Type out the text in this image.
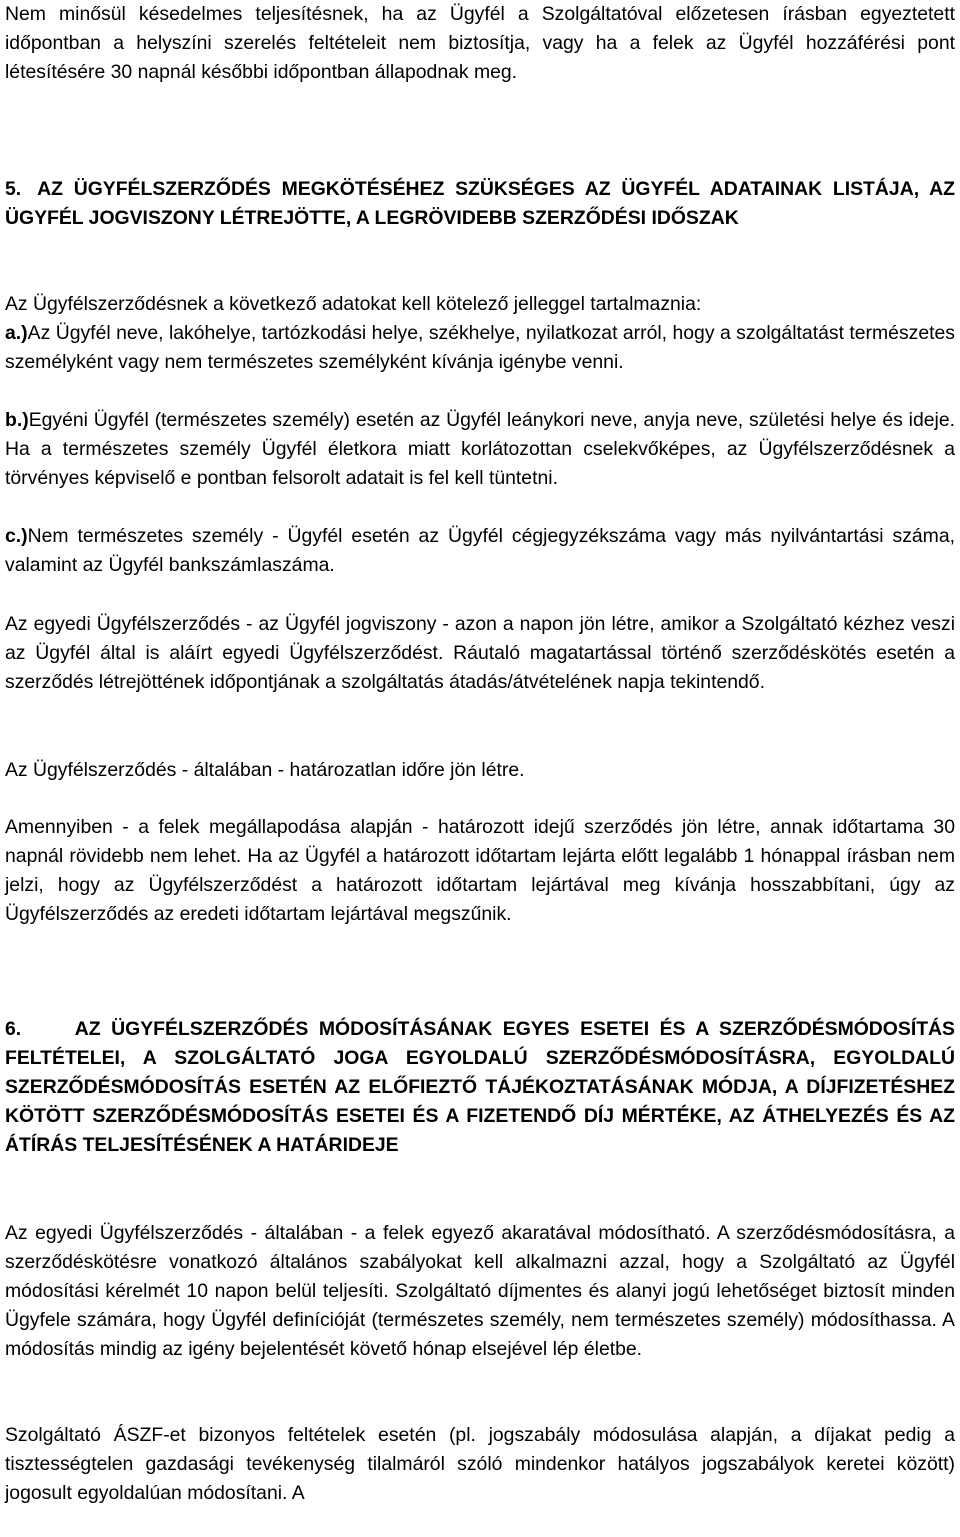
Nem minősül késedelmes teljesítésnek, ha az Ügyfél a Szolgáltatóval előzetesen írásban egyeztetett időpontban a helyszíni szerelés feltételeit nem biztosítja, vagy ha a felek az Ügyfél hozzáférési pont létesítésére 30 napnál későbbi időpontban állapodnak meg.

5. AZ ÜGYFÉLSZERZŐDÉS MEGKÖTÉSÉHEZ SZÜKSÉGES AZ ÜGYFÉL ADATAINAK LISTÁJA, AZ ÜGYFÉL JOGVISZONY LÉTREJÖTTE, A LEGRÖVIDEBB SZERZŐDÉSI IDŐSZAK

Az Ügyfélszerződésnek a következő adatokat kell kötelező jelleggel tartalmaznia:

a.)Az Ügyfél neve, lakóhelye, tartózkodási helye, székhelye, nyilatkozat arról, hogy a szolgáltatást természetes személyként vagy nem természetes személyként kívánja igénybe venni.

b.)Egyéni Ügyfél (természetes személy) esetén az Ügyfél leánykori neve, anyja neve, születési helye és ideje. Ha a természetes személy Ügyfél életkora miatt korlátozottan cselekvőképes, az Ügyfélszerződésnek a törvényes képviselő e pontban felsorolt adatait is fel kell tüntetni.

c.)Nem természetes személy - Ügyfél esetén az Ügyfél cégjegyzékszáma vagy más nyilvántartási száma, valamint az Ügyfél bankszámlaszáma.

Az egyedi Ügyfélszerződés - az Ügyfél jogviszony - azon a napon jön létre, amikor a Szolgáltató kézhez veszi az Ügyfél által is aláírt egyedi Ügyfélszerződést. Ráutaló magatartással történő szerződéskötés esetén a szerződés létrejöttének időpontjának a szolgáltatás átadás/átvételének napja tekintendő.

Az Ügyfélszerződés - általában - határozatlan időre jön létre.

Amennyiben - a felek megállapodása alapján - határozott idejű szerződés jön létre, annak időtartama 30 napnál rövidebb nem lehet. Ha az Ügyfél a határozott időtartam lejárta előtt legalább 1 hónappal írásban nem jelzi, hogy az Ügyfélszerződést a határozott időtartam lejártával meg kívánja hosszabbítani, úgy az Ügyfélszerződés az eredeti időtartam lejártával megszűnik.

6.	AZ ÜGYFÉLSZERZŐDÉS MÓDOSÍTÁSÁNAK EGYES ESETEI ÉS A SZERZŐDÉSMÓDOSÍTÁS FELTÉTELEI, A SZOLGÁLTATÓ JOGA EGYOLDALÚ SZERZŐDÉSMÓDOSÍTÁSRA, EGYOLDALÚ SZERZŐDÉSMÓDOSÍTÁS ESETÉN AZ ELŐFIEZTŐ TÁJÉKOZTATÁSÁNAK MÓDJA, A DÍJFIZETÉSHEZ KÖTÖTT SZERZŐDÉSMÓDOSÍTÁS ESETEI ÉS A FIZETENDŐ DÍJ MÉRTÉKE, AZ ÁTHELYEZÉS ÉS AZ ÁTÍRÁS TELJESÍTÉSÉNEK A HATÁRIDEJE

Az egyedi Ügyfélszerződés - általában - a felek egyező akaratával módosítható. A szerződésmódosításra, a szerződéskötésre vonatkozó általános szabályokat kell alkalmazni azzal, hogy a Szolgáltató az Ügyfél módosítási kérelmét 10 napon belül teljesíti. Szolgáltató díjmentes és alanyi jogú lehetőséget biztosít minden Ügyfele számára, hogy Ügyfél definícióját (természetes személy, nem természetes személy) módosíthassa. A módosítás mindig az igény bejelentését követő hónap elsejével lép életbe.

Szolgáltató ÁSZF-et bizonyos feltételek esetén (pl. jogszabály módosulása alapján, a díjakat pedig a tisztességtelen gazdasági tevékenység tilalmáról szóló mindenkor hatályos jogszabályok keretei között) jogosult egyoldalúan módosítani. A
